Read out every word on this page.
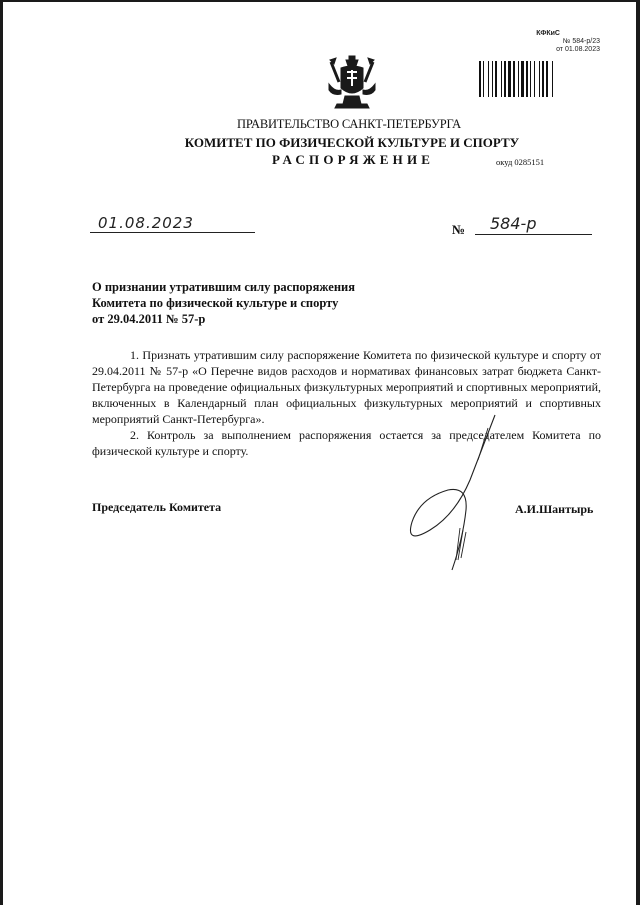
КФКиС
№ 584-р/23
от 01.08.2023
ПРАВИТЕЛЬСТВО САНКТ-ПЕТЕРБУРГА
КОМИТЕТ ПО ФИЗИЧЕСКОЙ КУЛЬТУРЕ И СПОРТУ
РАСПОРЯЖЕНИЕ	окуд 0285151
01.08.2023	№ 584-р
О признании утратившим силу распоряжения
Комитета по физической культуре и спорту
от 29.04.2011 № 57-р

1. Признать утратившим силу распоряжение Комитета по физической культуре и спорту от 29.04.2011 № 57-р «О Перечне видов расходов и нормативах финансовых затрат бюджета Санкт-Петербурга на проведение официальных физкультурных мероприятий и спортивных мероприятий, включенных в Календарный план официальных физкультурных мероприятий и спортивных мероприятий Санкт-Петербурга».

2. Контроль за выполнением распоряжения остается за председателем Комитета по физической культуре и спорту.

Председатель Комитета	А.И.Шантырь
